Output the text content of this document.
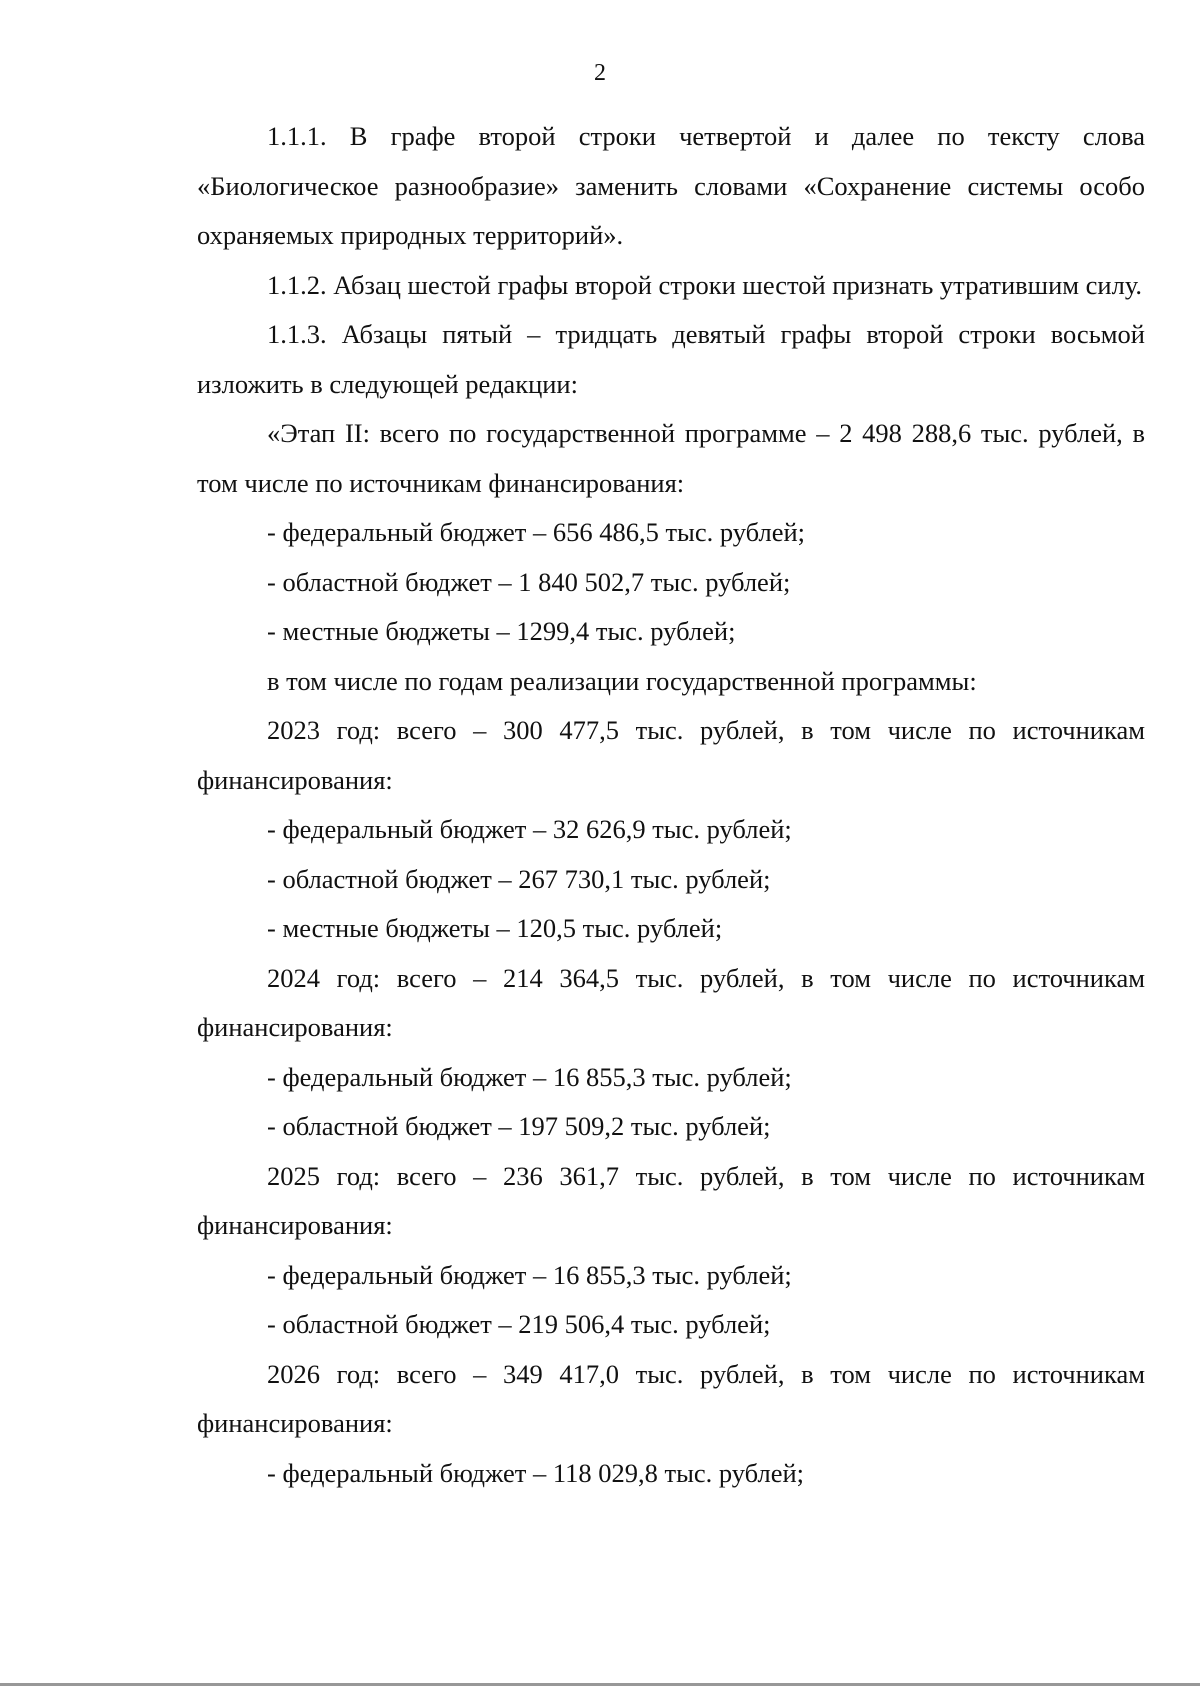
2

1.1.1. В графе второй строки четвертой и далее по тексту слова «Биологическое разнообразие» заменить словами «Сохранение системы особо охраняемых природных территорий».

1.1.2. Абзац шестой графы второй строки шестой признать утратившим силу.

1.1.3. Абзацы пятый – тридцать девятый графы второй строки восьмой изложить в следующей редакции:

«Этап II: всего по государственной программе – 2 498 288,6 тыс. рублей, в том числе по источникам финансирования:

- федеральный бюджет – 656 486,5 тыс. рублей;

- областной бюджет – 1 840 502,7 тыс. рублей;

- местные бюджеты – 1299,4 тыс. рублей;

в том числе по годам реализации государственной программы:

2023 год: всего – 300 477,5 тыс. рублей, в том числе по источникам финансирования:

- федеральный бюджет – 32 626,9 тыс. рублей;

- областной бюджет – 267 730,1 тыс. рублей;

- местные бюджеты – 120,5 тыс. рублей;

2024 год: всего – 214 364,5 тыс. рублей, в том числе по источникам финансирования:

- федеральный бюджет – 16 855,3 тыс. рублей;

- областной бюджет – 197 509,2 тыс. рублей;

2025 год: всего – 236 361,7 тыс. рублей, в том числе по источникам финансирования:

- федеральный бюджет – 16 855,3 тыс. рублей;

- областной бюджет – 219 506,4 тыс. рублей;

2026 год: всего – 349 417,0 тыс. рублей, в том числе по источникам финансирования:

- федеральный бюджет – 118 029,8 тыс. рублей;
